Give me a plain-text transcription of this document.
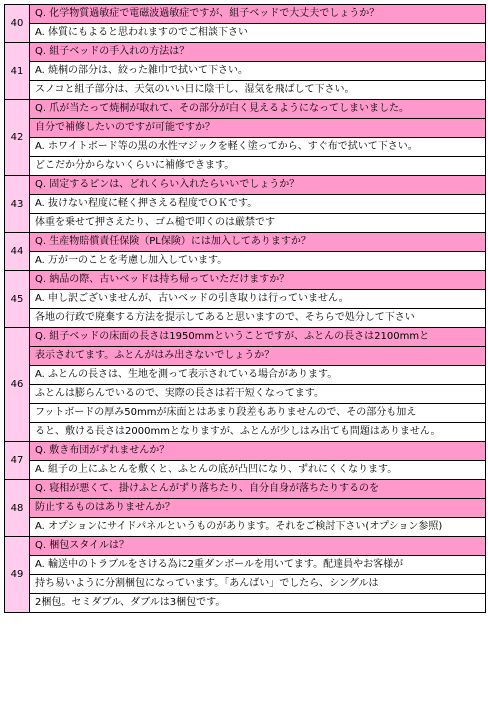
40
Q. 化学物質過敏症で電磁波過敏症ですが、組子ベッドで大丈夫でしょうか？
A. 体質にもよると思われますのでご相談下さい
41
Q. 組子ベッドの手入れの方法は？
A. 焼桐の部分は、絞った雑巾で拭いて下さい。
スノコと組子部分は、天気のいい日に陰干し、湿気を飛ばして下さい。
42
Q. 爪が当たって焼桐が取れて、その部分が白く見えるようになってしまいました。
自分で補修したいのですが可能ですか？
A. ホワイトボード等の黒の水性マジックを軽く塗ってから、すぐ布で拭いて下さい。
どこだか分からないくらいに補修できます。
43
Q. 固定するピンは、どれくらい入れたらいいでしょうか？
A. 抜けない程度に軽く押さえる程度でＯＫです。
体重を乗せて押さえたり、ゴム槌で叩くのは厳禁です
44
Q. 生産物賠償責任保険（PL保険）には加入してありますか？
A. 万が一のことを考慮し加入しています。
45
Q. 納品の際、古いベッドは持ち帰っていただけますか？
A. 申し訳ございませんが、古いベッドの引き取りは行っていません。
各地の行政で廃棄する方法を提示してあると思いますので、そちらで処分して下さい
46
Q. 組子ベッドの床面の長さは1950mmということですが、ふとんの長さは2100mmと
表示されてます。ふとんがはみ出さないでしょうか？
A. ふとんの長さは、生地を測って表示されている場合があります。
ふとんは膨らんでいるので、実際の長さは若干短くなってます。
フットボードの厚み50mmが床面とはあまり段差もありませんので、その部分も加え
ると、敷ける長さは2000mmとなりますが、ふとんが少しはみ出ても問題はありません。
47
Q. 敷き布団がずれませんか？
A. 組子の上にふとんを敷くと、ふとんの底が凸凹になり、ずれにくくなります。
48
Q. 寝相が悪くて、掛けふとんがずり落ちたり、自分自身が落ちたりするのを
防止するものはありませんか？
A. オプションにサイドパネルというものがあります。それをご検討下さい(オプション参照)
49
Q. 梱包スタイルは？
A. 輸送中のトラブルをさける為に2重ダンボールを用いてます。配達員やお客様が
持ち易いように分割梱包になっています。「あんばい」でしたら、シングルは
2梱包。セミダブル、ダブルは3梱包です。
